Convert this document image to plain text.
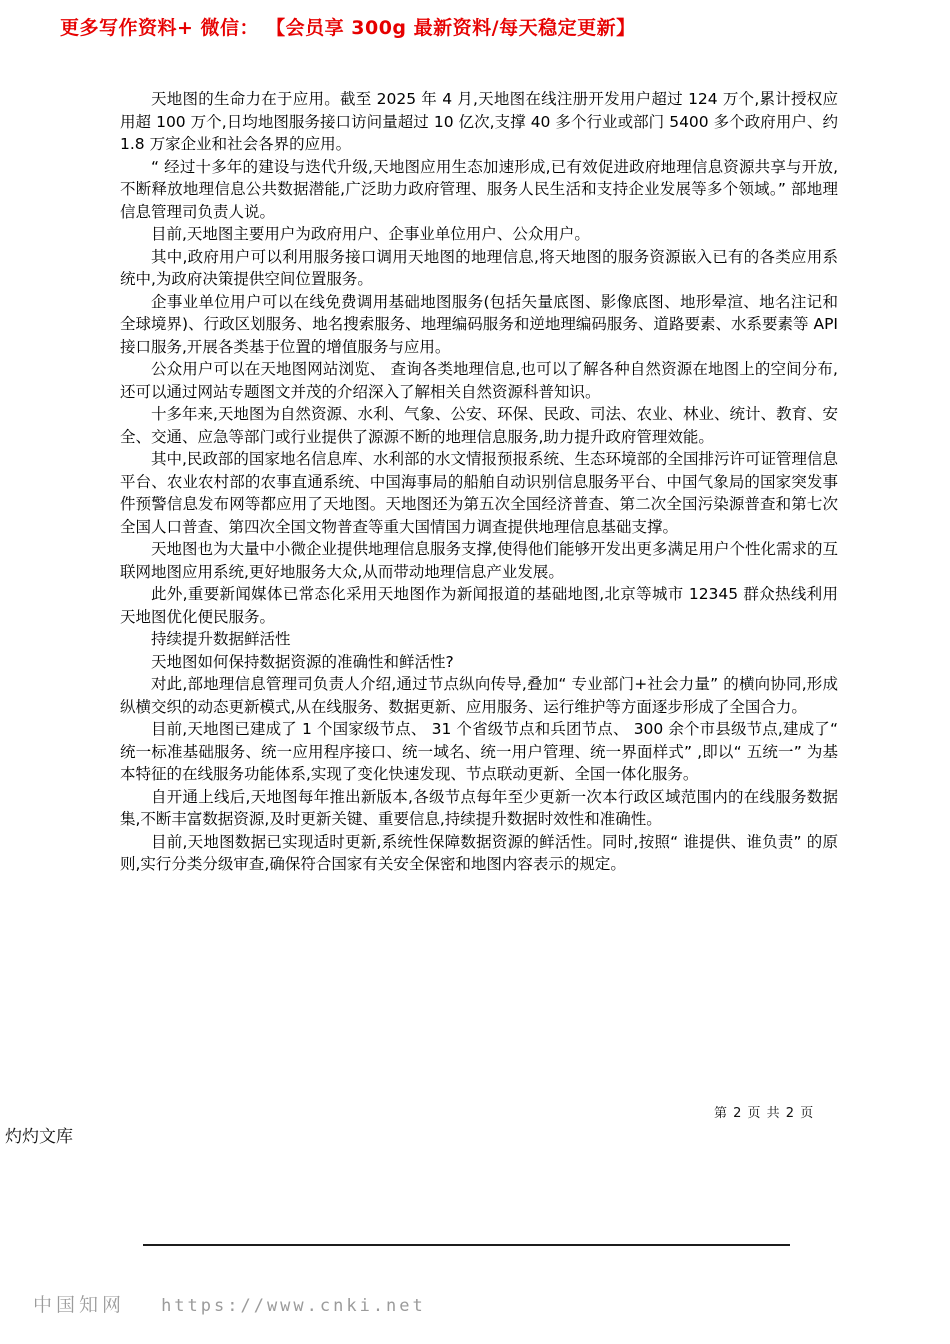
更多写作资料+ 微信： 【会员享 300g 最新资料/每天稳定更新】

天地图的生命力在于应用。截至 2025 年 4 月,天地图在线注册开发用户超过 124 万个,累计授权应用超 100 万个,日均地图服务接口访问量超过 10 亿次,支撑 40 多个行业或部门 5400 多个政府用户、约 1.8 万家企业和社会各界的应用。

“ 经过十多年的建设与迭代升级,天地图应用生态加速形成,已有效促进政府地理信息资源共享与开放,不断释放地理信息公共数据潜能,广泛助力政府管理、服务人民生活和支持企业发展等多个领域。” 部地理信息管理司负责人说。

目前,天地图主要用户为政府用户、企事业单位用户、公众用户。

其中,政府用户可以利用服务接口调用天地图的地理信息,将天地图的服务资源嵌入已有的各类应用系统中,为政府决策提供空间位置服务。

企事业单位用户可以在线免费调用基础地图服务(包括矢量底图、影像底图、地形晕渲、地名注记和全球境界)、行政区划服务、地名搜索服务、地理编码服务和逆地理编码服务、道路要素、水系要素等 API 接口服务,开展各类基于位置的增值服务与应用。

公众用户可以在天地图网站浏览、 查询各类地理信息,也可以了解各种自然资源在地图上的空间分布,还可以通过网站专题图文并茂的介绍深入了解相关自然资源科普知识。

十多年来,天地图为自然资源、水利、气象、公安、环保、民政、司法、农业、林业、统计、教育、安全、交通、应急等部门或行业提供了源源不断的地理信息服务,助力提升政府管理效能。

其中,民政部的国家地名信息库、水利部的水文情报预报系统、生态环境部的全国排污许可证管理信息平台、农业农村部的农事直通系统、中国海事局的船舶自动识别信息服务平台、中国气象局的国家突发事件预警信息发布网等都应用了天地图。天地图还为第五次全国经济普查、第二次全国污染源普查和第七次全国人口普查、第四次全国文物普查等重大国情国力调查提供地理信息基础支撑。

天地图也为大量中小微企业提供地理信息服务支撑,使得他们能够开发出更多满足用户个性化需求的互联网地图应用系统,更好地服务大众,从而带动地理信息产业发展。

此外,重要新闻媒体已常态化采用天地图作为新闻报道的基础地图,北京等城市 12345 群众热线利用天地图优化便民服务。

持续提升数据鲜活性

天地图如何保持数据资源的准确性和鲜活性?

对此,部地理信息管理司负责人介绍,通过节点纵向传导,叠加“ 专业部门+社会力量” 的横向协同,形成纵横交织的动态更新模式,从在线服务、数据更新、应用服务、运行维护等方面逐步形成了全国合力。

目前,天地图已建成了 1 个国家级节点、 31 个省级节点和兵团节点、 300 余个市县级节点,建成了“ 统一标准基础服务、统一应用程序接口、统一域名、统一用户管理、统一界面样式” ,即以“ 五统一” 为基本特征的在线服务功能体系,实现了变化快速发现、节点联动更新、全国一体化服务。

自开通上线后,天地图每年推出新版本,各级节点每年至少更新一次本行政区域范围内的在线服务数据集,不断丰富数据资源,及时更新关键、重要信息,持续提升数据时效性和准确性。

目前,天地图数据已实现适时更新,系统性保障数据资源的鲜活性。同时,按照“ 谁提供、谁负责” 的原则,实行分类分级审查,确保符合国家有关安全保密和地图内容表示的规定。

第 2 页 共 2 页
灼灼文库
中国知网 https://www.cnki.net
